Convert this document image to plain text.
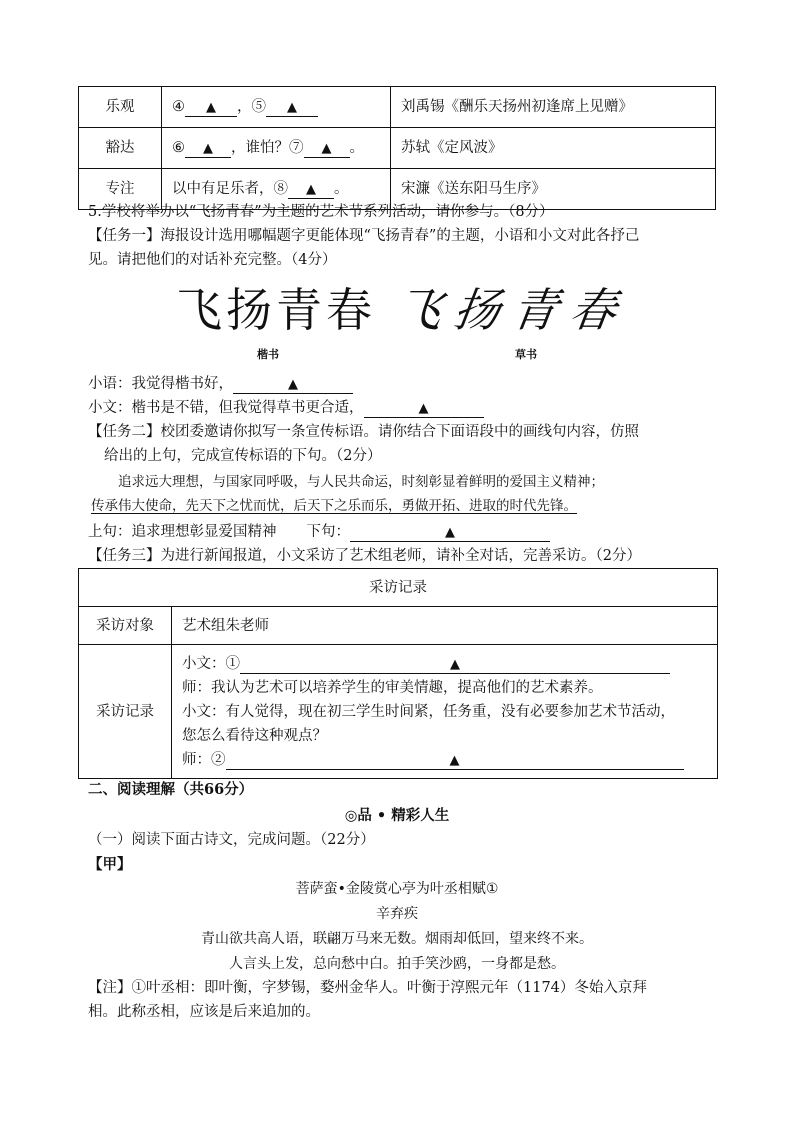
乐观	④ ▲ ，⑤ ▲	刘禹锡《酬乐天扬州初逢席上见赠》
豁达	⑥ ▲ ，谁怕？⑦ ▲ 。	苏轼《定风波》
专注	以中有足乐者，⑧ ▲ 。	宋濂《送东阳马生序》
5.学校将举办以“飞扬青春”为主题的艺术节系列活动，请你参与。（8分）
【任务一】海报设计选用哪幅题字更能体现“飞扬青春”的主题，小语和小文对此各抒己
见。请把他们的对话补充完整。（4分）
飞扬青春 飞扬青春
楷书	草书
小语：我觉得楷书好，	▲
小文：楷书是不错，但我觉得草书更合适，	▲
【任务二】校团委邀请你拟写一条宣传标语。请你结合下面语段中的画线句内容，仿照
给出的上句，完成宣传标语的下句。（2分）
追求远大理想，与国家同呼吸，与人民共命运，时刻彰显着鲜明的爱国主义精神；
传承伟大使命，先天下之忧而忧，后天下之乐而乐，勇做开拓、进取的时代先锋。
上句：追求理想彰显爱国精神 下句：	▲
【任务三】为进行新闻报道，小文采访了艺术组老师，请补全对话，完善采访。（2分）
采访记录	
采访对象	艺术组朱老师
采访记录	小文：① ▲
师：我认为艺术可以培养学生的审美情趣，提高他们的艺术素养。
小文：有人觉得，现在初三学生时间紧，任务重，没有必要参加艺术节活动，
您怎么看待这种观点？
师：② ▲
二、阅读理解（共66分）
◎品 • 精彩人生
（一）阅读下面古诗文，完成问题。（22分）
【甲】
菩萨蛮•金陵赏心亭为叶丞相赋①
辛弃疾
青山欲共高人语，联翩万马来无数。烟雨却低回，望来终不来。
人言头上发，总向愁中白。拍手笑沙鸥，一身都是愁。
【注】①叶丞相：即叶衡，字梦锡，婺州金华人。叶衡于淳熙元年（1174）冬始入京拜
相。此称丞相，应该是后来追加的。
